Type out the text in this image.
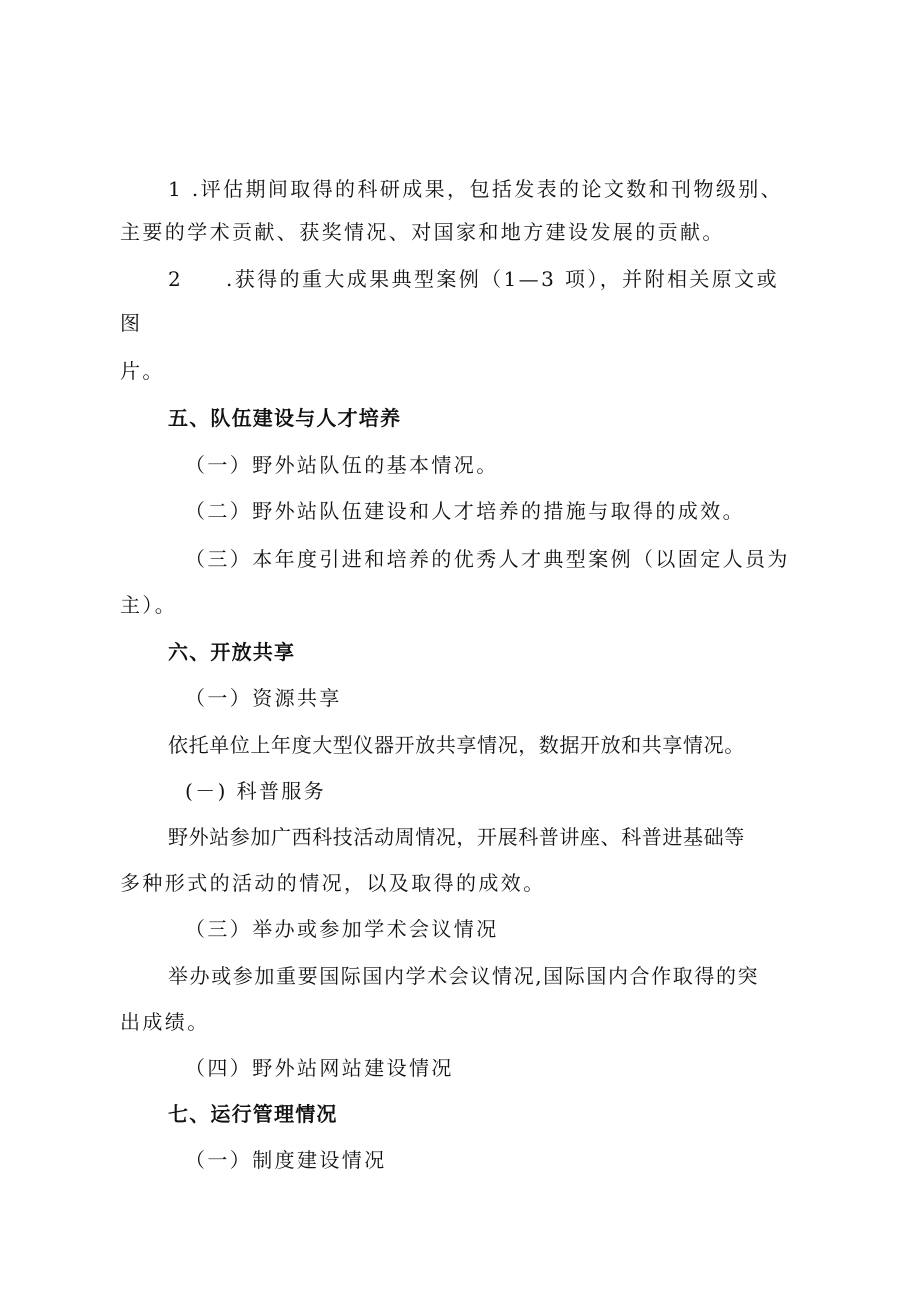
1 .评估期间取得的科研成果，包括发表的论文数和刊物级别、

主要的学术贡献、获奖情况、对国家和地方建设发展的贡献。

2 .获得的重大成果典型案例（1—3 项），并附相关原文或

图

片。

五、队伍建设与人才培养

（一）野外站队伍的基本情况。

（二）野外站队伍建设和人才培养的措施与取得的成效。

（三）本年度引进和培养的优秀人才典型案例（以固定人员为

主）。

六、开放共享

（一）资源共享

依托单位上年度大型仪器开放共享情况，数据开放和共享情况。

(－) 科普服务

野外站参加广西科技活动周情况，开展科普讲座、科普进基础等

多种形式的活动的情况，以及取得的成效。

（三）举办或参加学术会议情况

举办或参加重要国际国内学术会议情况,国际国内合作取得的突

出成绩。

（四）野外站网站建设情况

七、运行管理情况

（一）制度建设情况
